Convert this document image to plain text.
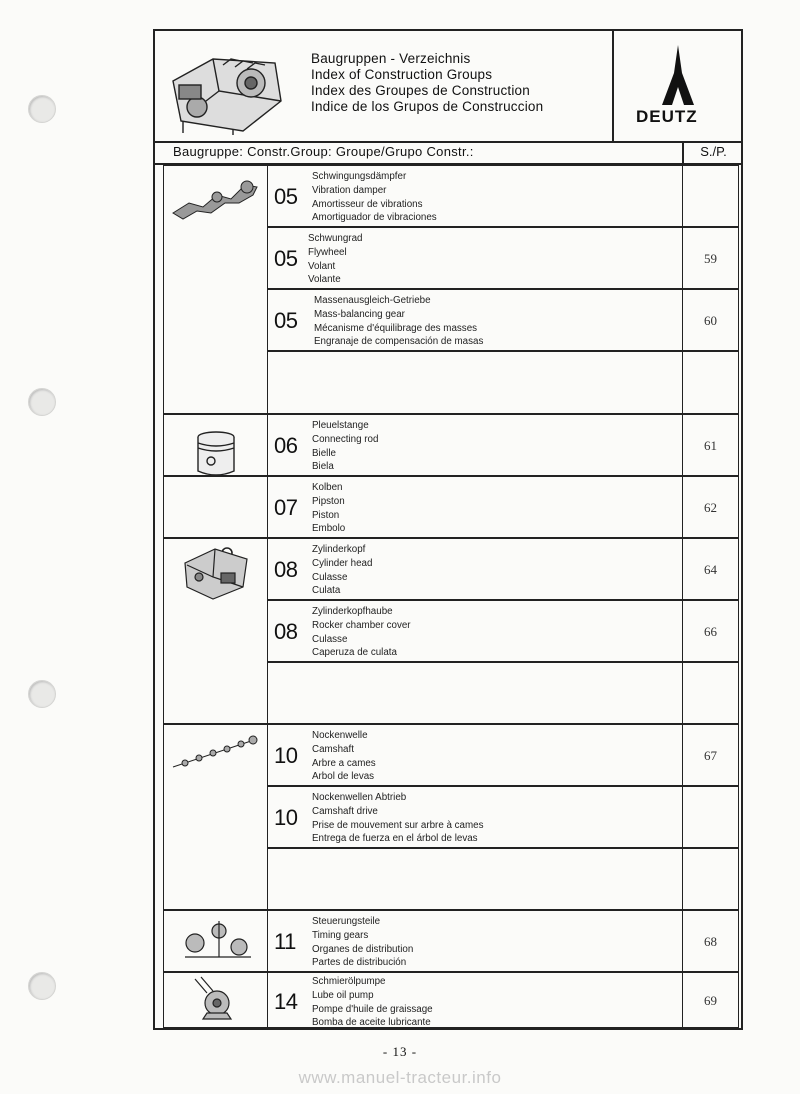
Baugruppen - Verzeichnis
Index of Construction Groups
Index des Groupes de Construction
Indice de los Grupos de Construccion
DEUTZ
Baugruppe: Constr.Group: Groupe/Grupo Constr.:	S./P.
05
Schwingungsdämpfer
Vibration damper
Amortisseur de vibrations
Amortiguador de vibraciones
05
Schwungrad
Flywheel
Volant
Volante
59
05
Massenausgleich-Getriebe
Mass-balancing gear
Mécanisme d'équilibrage des masses
Engranaje de compensación de masas
60
06
Pleuelstange
Connecting rod
Bielle
Biela
61
07
Kolben
Pipston
Piston
Embolo
62
08
Zylinderkopf
Cylinder head
Culasse
Culata
64
08
Zylinderkopfhaube
Rocker chamber cover
Culasse
Caperuza de culata
66
10
Nockenwelle
Camshaft
Arbre a cames
Arbol de levas
67
10
Nockenwellen Abtrieb
Camshaft drive
Prise de mouvement sur arbre à cames
Entrega de fuerza en el árbol de levas
11
Steuerungsteile
Timing gears
Organes de distribution
Partes de distribución
68
14
Schmierölpumpe
Lube oil pump
Pompe d'huile de graissage
Bomba de aceite lubricante
69
- 13 -
www.manuel-tracteur.info
